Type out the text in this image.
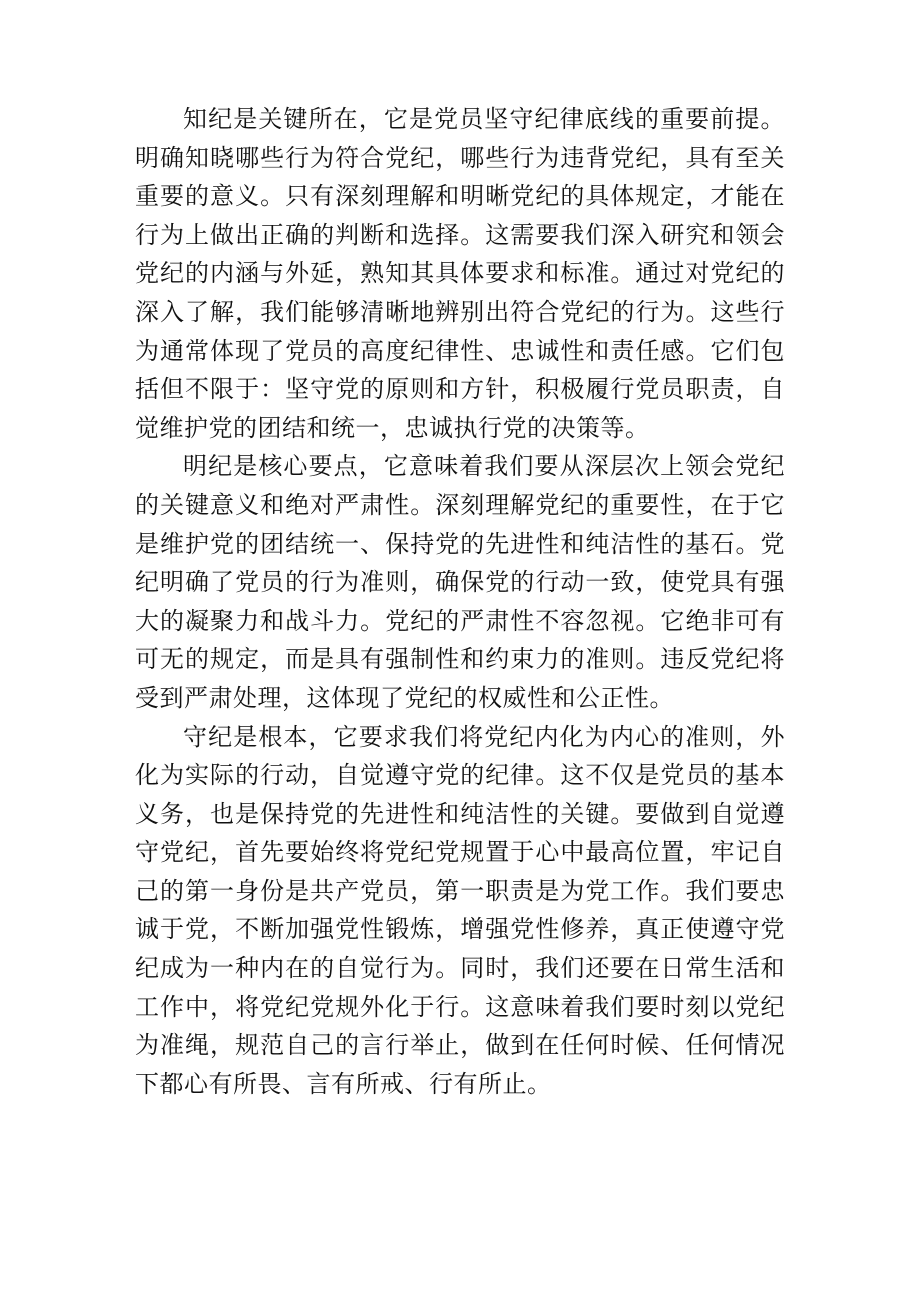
知纪是关键所在，它是党员坚守纪律底线的重要前提。明确知晓哪些行为符合党纪，哪些行为违背党纪，具有至关重要的意义。只有深刻理解和明晰党纪的具体规定，才能在行为上做出正确的判断和选择。这需要我们深入研究和领会党纪的内涵与外延，熟知其具体要求和标准。通过对党纪的深入了解，我们能够清晰地辨别出符合党纪的行为。这些行为通常体现了党员的高度纪律性、忠诚性和责任感。它们包括但不限于：坚守党的原则和方针，积极履行党员职责，自觉维护党的团结和统一，忠诚执行党的决策等。

明纪是核心要点，它意味着我们要从深层次上领会党纪的关键意义和绝对严肃性。深刻理解党纪的重要性，在于它是维护党的团结统一、保持党的先进性和纯洁性的基石。党纪明确了党员的行为准则，确保党的行动一致，使党具有强大的凝聚力和战斗力。党纪的严肃性不容忽视。它绝非可有可无的规定，而是具有强制性和约束力的准则。违反党纪将受到严肃处理，这体现了党纪的权威性和公正性。

守纪是根本，它要求我们将党纪内化为内心的准则，外化为实际的行动，自觉遵守党的纪律。这不仅是党员的基本义务，也是保持党的先进性和纯洁性的关键。要做到自觉遵守党纪，首先要始终将党纪党规置于心中最高位置，牢记自己的第一身份是共产党员，第一职责是为党工作。我们要忠诚于党，不断加强党性锻炼，增强党性修养，真正使遵守党纪成为一种内在的自觉行为。同时，我们还要在日常生活和工作中，将党纪党规外化于行。这意味着我们要时刻以党纪为准绳，规范自己的言行举止，做到在任何时候、任何情况下都心有所畏、言有所戒、行有所止。
